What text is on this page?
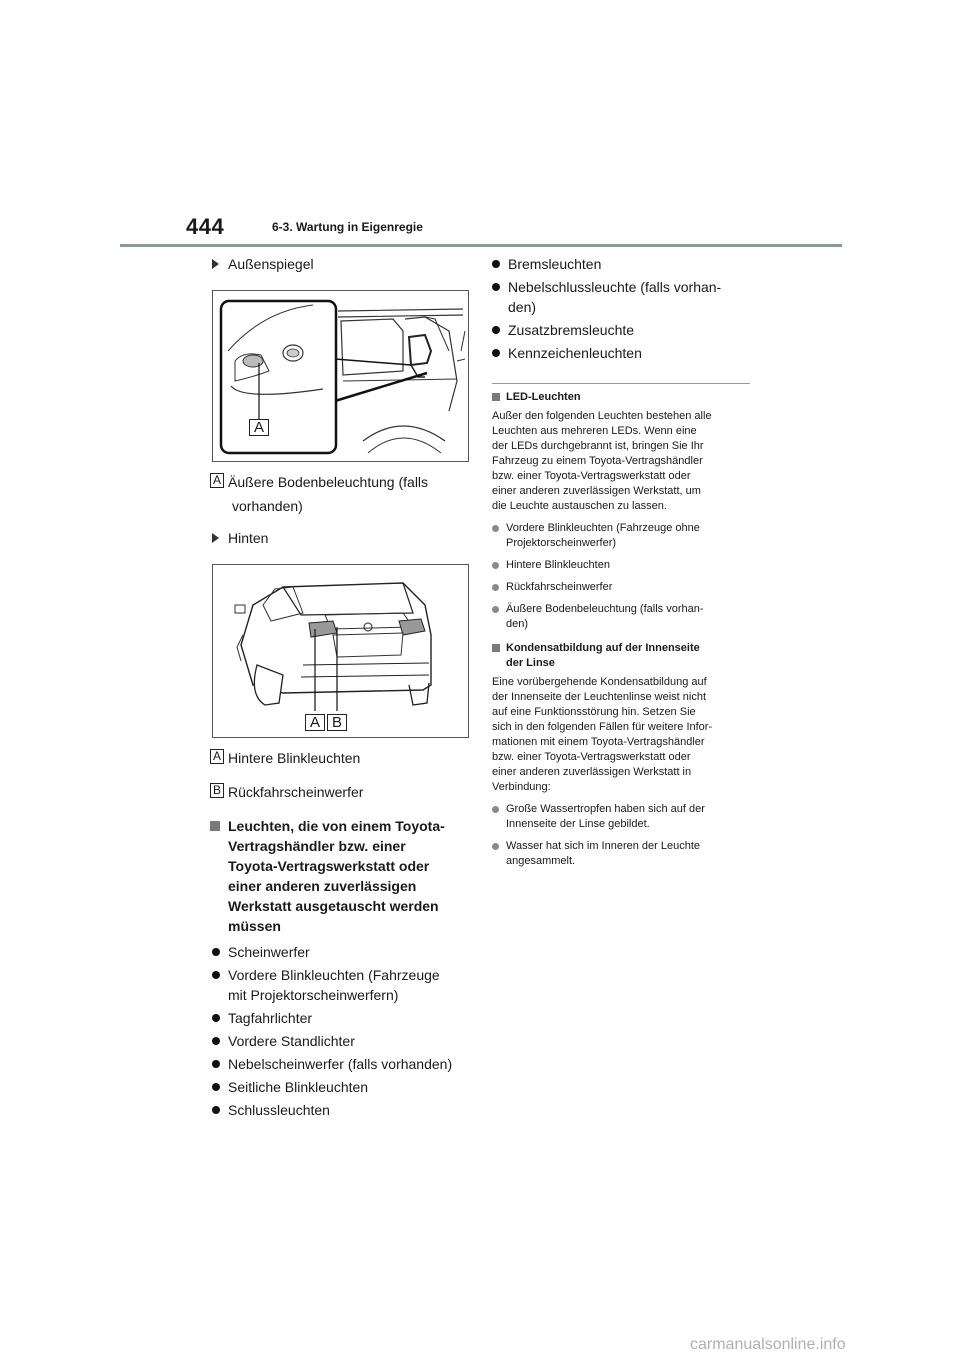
444	6-3. Wartung in Eigenregie
Außenspiegel
A
A Äußere Bodenbeleuchtung (falls
vorhanden)
Hinten
A B
A Hintere Blinkleuchten
B Rückfahrscheinwerfer
Leuchten, die von einem Toyota-
Vertragshändler bzw. einer
Toyota-Vertragswerkstatt oder
einer anderen zuverlässigen
Werkstatt ausgetauscht werden
müssen
Scheinwerfer
Vordere Blinkleuchten (Fahrzeuge
mit Projektorscheinwerfern)
Tagfahrlichter
Vordere Standlichter
Nebelscheinwerfer (falls vorhanden)
Seitliche Blinkleuchten
Schlussleuchten
Bremsleuchten
Nebelschlussleuchte (falls vorhan-
den)
Zusatzbremsleuchte
Kennzeichenleuchten
LED-Leuchten
Außer den folgenden Leuchten bestehen alle
Leuchten aus mehreren LEDs. Wenn eine
der LEDs durchgebrannt ist, bringen Sie Ihr
Fahrzeug zu einem Toyota-Vertragshändler
bzw. einer Toyota-Vertragswerkstatt oder
einer anderen zuverlässigen Werkstatt, um
die Leuchte austauschen zu lassen.
Vordere Blinkleuchten (Fahrzeuge ohne
Projektorscheinwerfer)
Hintere Blinkleuchten
Rückfahrscheinwerfer
Äußere Bodenbeleuchtung (falls vorhan-
den)
Kondensatbildung auf der Innenseite
der Linse
Eine vorübergehende Kondensatbildung auf
der Innenseite der Leuchtenlinse weist nicht
auf eine Funktionsstörung hin. Setzen Sie
sich in den folgenden Fällen für weitere Infor-
mationen mit einem Toyota-Vertragshändler
bzw. einer Toyota-Vertragswerkstatt oder
einer anderen zuverlässigen Werkstatt in
Verbindung:
Große Wassertropfen haben sich auf der
Innenseite der Linse gebildet.
Wasser hat sich im Inneren der Leuchte
angesammelt.
carmanualsonline.info
